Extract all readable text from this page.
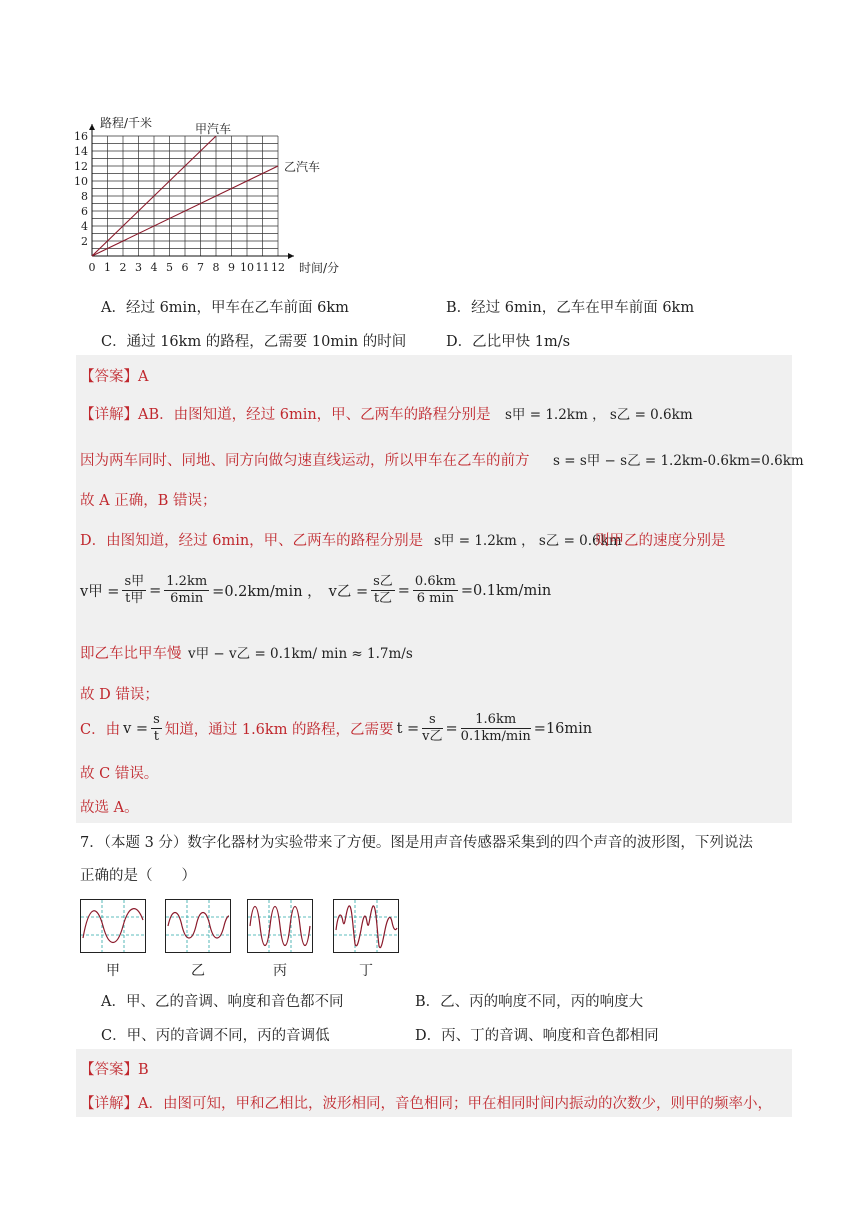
2
4
6
8
10
12
14
16
0 1 2 3 4 5 6 7 8 9 10 11 12
路程/千米
时间/分
甲汽车
乙汽车
A．经过 6min，甲车在乙车前面 6km	B．经过 6min，乙车在甲车前面 6km
C．通过 16km 的路程，乙需要 10min 的时间	D．乙比甲快 1m/s
【答案】A
【详解】AB．由图知道，经过 6min，甲、乙两车的路程分别是 s甲 = 1.2km ， s乙 = 0.6km
因为两车同时、同地、同方向做匀速直线运动，所以甲车在乙车的前方 s = s甲 − s乙 = 1.2km-0.6km=0.6km
故 A 正确，B 错误；
D．由图知道，经过 6min，甲、乙两车的路程分别是 s甲 = 1.2km ， s乙 = 0.6km
则甲乙的速度分别是
v甲 = $\frac{\text{s甲}}{\text{t甲}} = \frac{1.2km}{6\min} =0.2km/\min$ ， v乙 = $\frac{\text{s乙}}{\text{t乙}} = \frac{0.6km}{6 \min} =0.1km/\min$
即乙车比甲车慢 v甲 − v乙 = 0.1km/ min ≈ 1.7m/s
故 D 错误；
C．由 $v = \frac{s}{t}$ 知道，通过 1.6km 的路程，乙需要 $t = \frac{s}{\text{v乙}} = \frac{1.6km}{0.1km/\min} =16\min$
故 C 错误。
故选 A。
7．（本题 3 分）数字化器材为实验带来了方便。图是用声音传感器采集到的四个声音的波形图，下列说法
正确的是（　　）
甲	乙	丙	丁
A．甲、乙的音调、响度和音色都不同	B．乙、丙的响度不同，丙的响度大
C．甲、丙的音调不同，丙的音调低	D．丙、丁的音调、响度和音色都相同
【答案】B
【详解】A．由图可知，甲和乙相比，波形相同，音色相同；甲在相同时间内振动的次数少，则甲的频率小，
